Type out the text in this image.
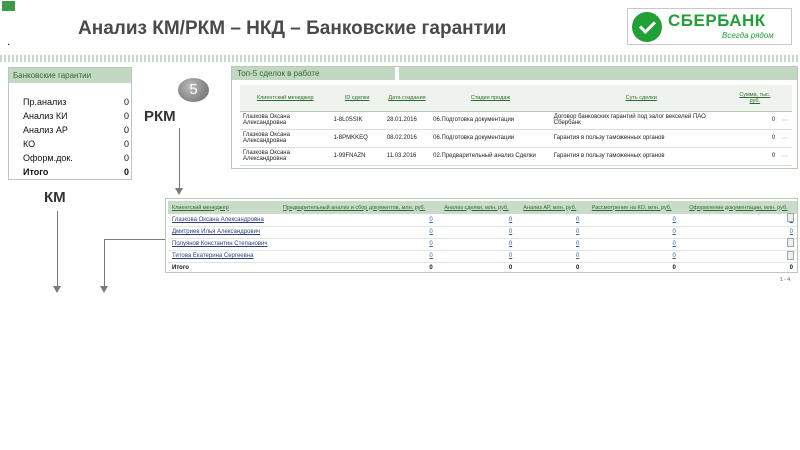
Анализ КМ/РКМ – НКД – Банковские гарантии
.
СБЕРБАНК
Всегда рядом
Банковские гарантии
Пр.анализ	0
Анализ КИ	0
Анализ АР	0
КО	0
Оформ.док.	0
Итого	0
5
РКМ
КМ
Топ-5 сделок в работе
Клиентский менеджер	ID сделки	Дата создания	Стадия продаж	Суть сделки	Сумма, тыс. руб.	
Глазкова Оксана Александровна	1-8L0SSIK	28.01.2016	06.Подготовка документации	Договор банковских гарантий под залог векселей ПАО Сбербанк	0	⋯
Глазкова Оксана Александровна	1-8PMKKEQ	08.02.2016	06.Подготовка документации	Гарантия в пользу таможенных органов	0	⋯
Глазкова Оксана Александровна	1-99FNAZN	11.03.2016	02.Предварительный анализ Сделки	Гарантия в пользу таможенных органов	0	⋯
Клиентский менеджер	Предварительный анализ и сбор документов, млн. руб.	Анализ сделки, млн. руб.	Анализ АР, млн. руб.	Рассмотрение на КО, млн. руб.	Оформление документации, млн. руб.
Глазкова Оксана Александровна	0	0	0	0	
Дмитриев Илья Александрович	0	0	0	0	0
Полуянов Константин Степанович	0	0	0	0	
Титова Екатерина Сергеевна	0	0	0	0	
Итого	0	0	0	0	0
1 - 4
